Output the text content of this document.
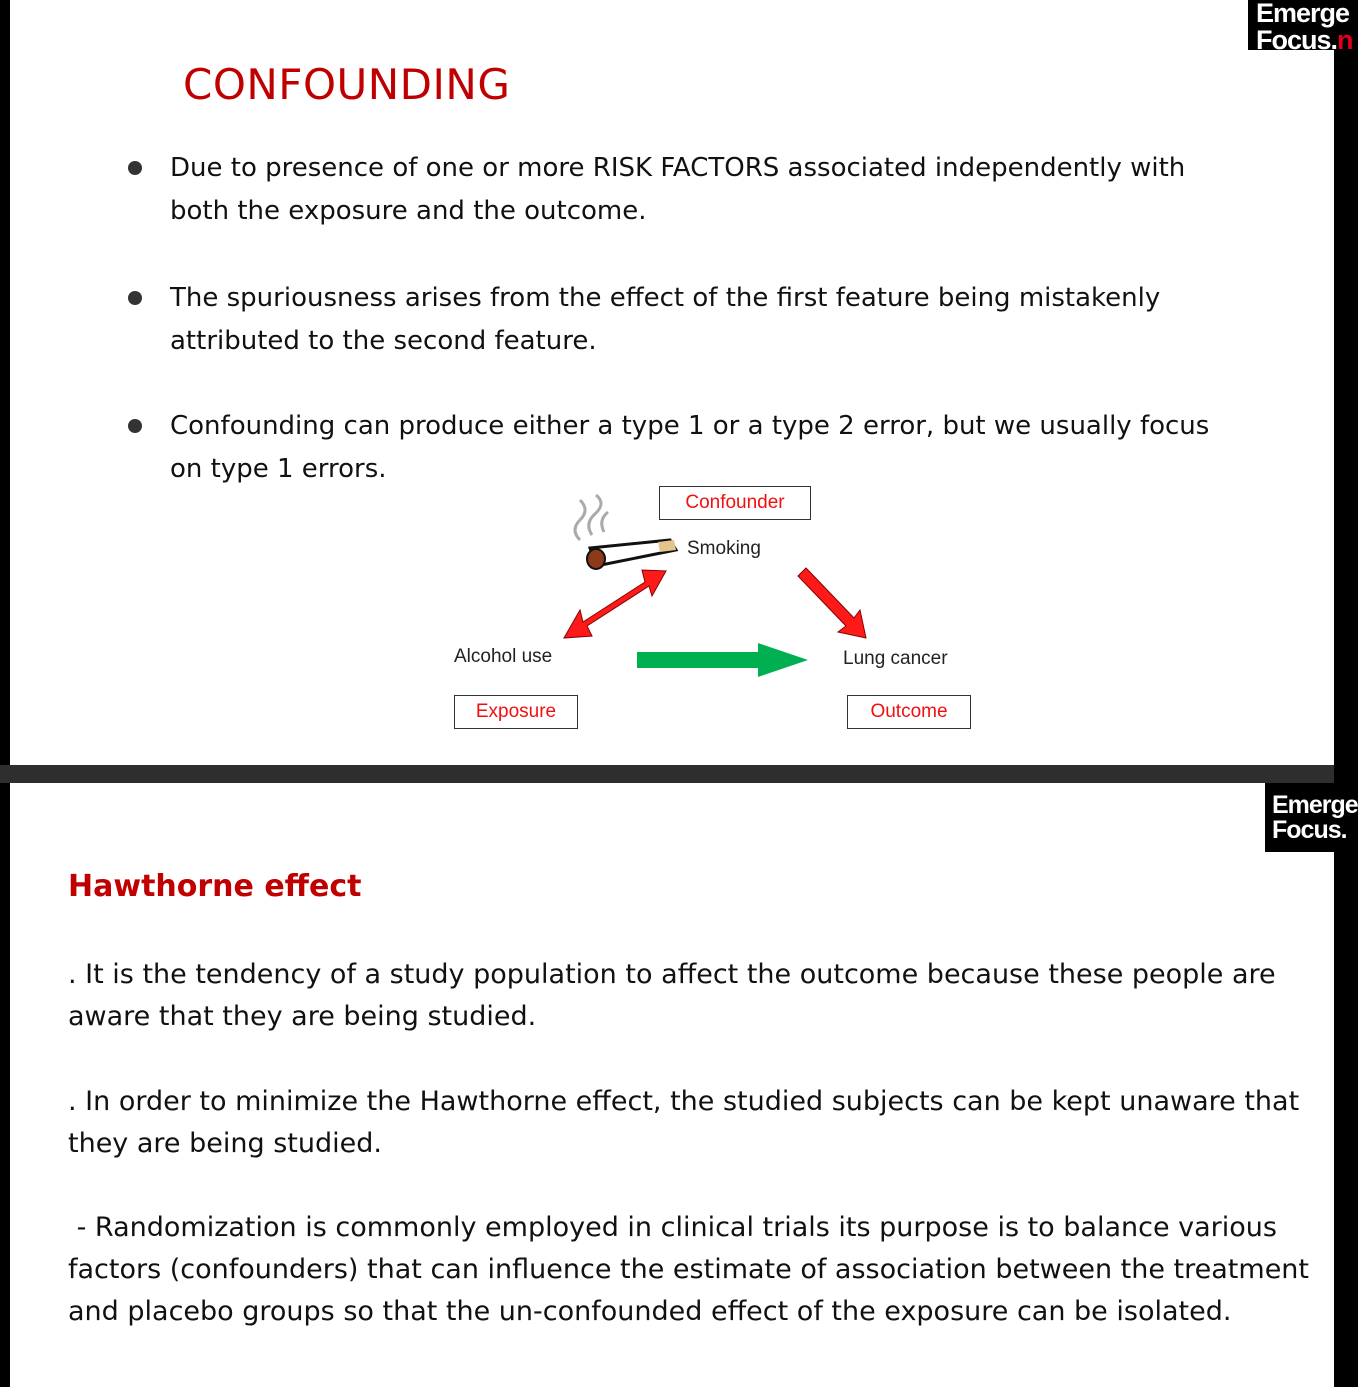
Emerge
Focus.n
CONFOUNDING
Due to presence of one or more RISK FACTORS associated independently with both the exposure and the outcome.
The spuriousness arises from the effect of the first feature being mistakenly attributed to the second feature.
Confounding can produce either a type 1 or a type 2 error, but we usually focus on type 1 errors.
Confounder
Smoking
Alcohol use	Lung cancer
Exposure	Outcome
Emerge
Focus.
Hawthorne effect
. It is the tendency of a study population to affect the outcome because these people are aware that they are being studied.
. In order to minimize the Hawthorne effect, the studied subjects can be kept unaware that they are being studied.
- Randomization is commonly employed in clinical trials its purpose is to balance various factors (confounders) that can influence the estimate of association between the treatment and placebo groups so that the un-confounded effect of the exposure can be isolated.
